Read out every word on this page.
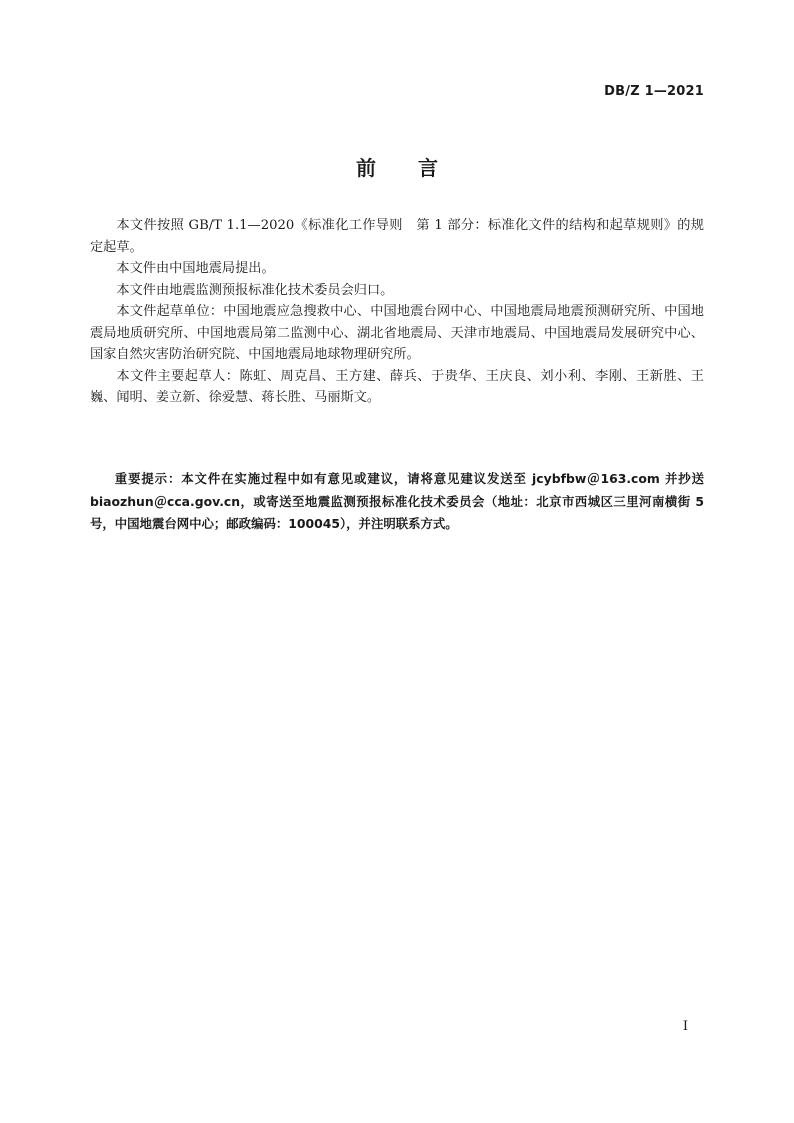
DB/Z 1—2021
前言

本文件按照 GB/T 1.1—2020《标准化工作导则　第 1 部分：标准化文件的结构和起草规则》的规定起草。

本文件由中国地震局提出。

本文件由地震监测预报标准化技术委员会归口。

本文件起草单位：中国地震应急搜救中心、中国地震台网中心、中国地震局地震预测研究所、中国地震局地质研究所、中国地震局第二监测中心、湖北省地震局、天津市地震局、中国地震局发展研究中心、国家自然灾害防治研究院、中国地震局地球物理研究所。

本文件主要起草人：陈虹、周克昌、王方建、薛兵、于贵华、王庆良、刘小利、李刚、王新胜、王巍、闻明、姜立新、徐爱慧、蒋长胜、马丽斯文。

重要提示：本文件在实施过程中如有意见或建议，请将意见建议发送至 jcybfbw＠163.com 并抄送 biaozhun＠cca.gov.cn，或寄送至地震监测预报标准化技术委员会（地址：北京市西城区三里河南横街 5 号，中国地震台网中心；邮政编码：100045），并注明联系方式。
I
